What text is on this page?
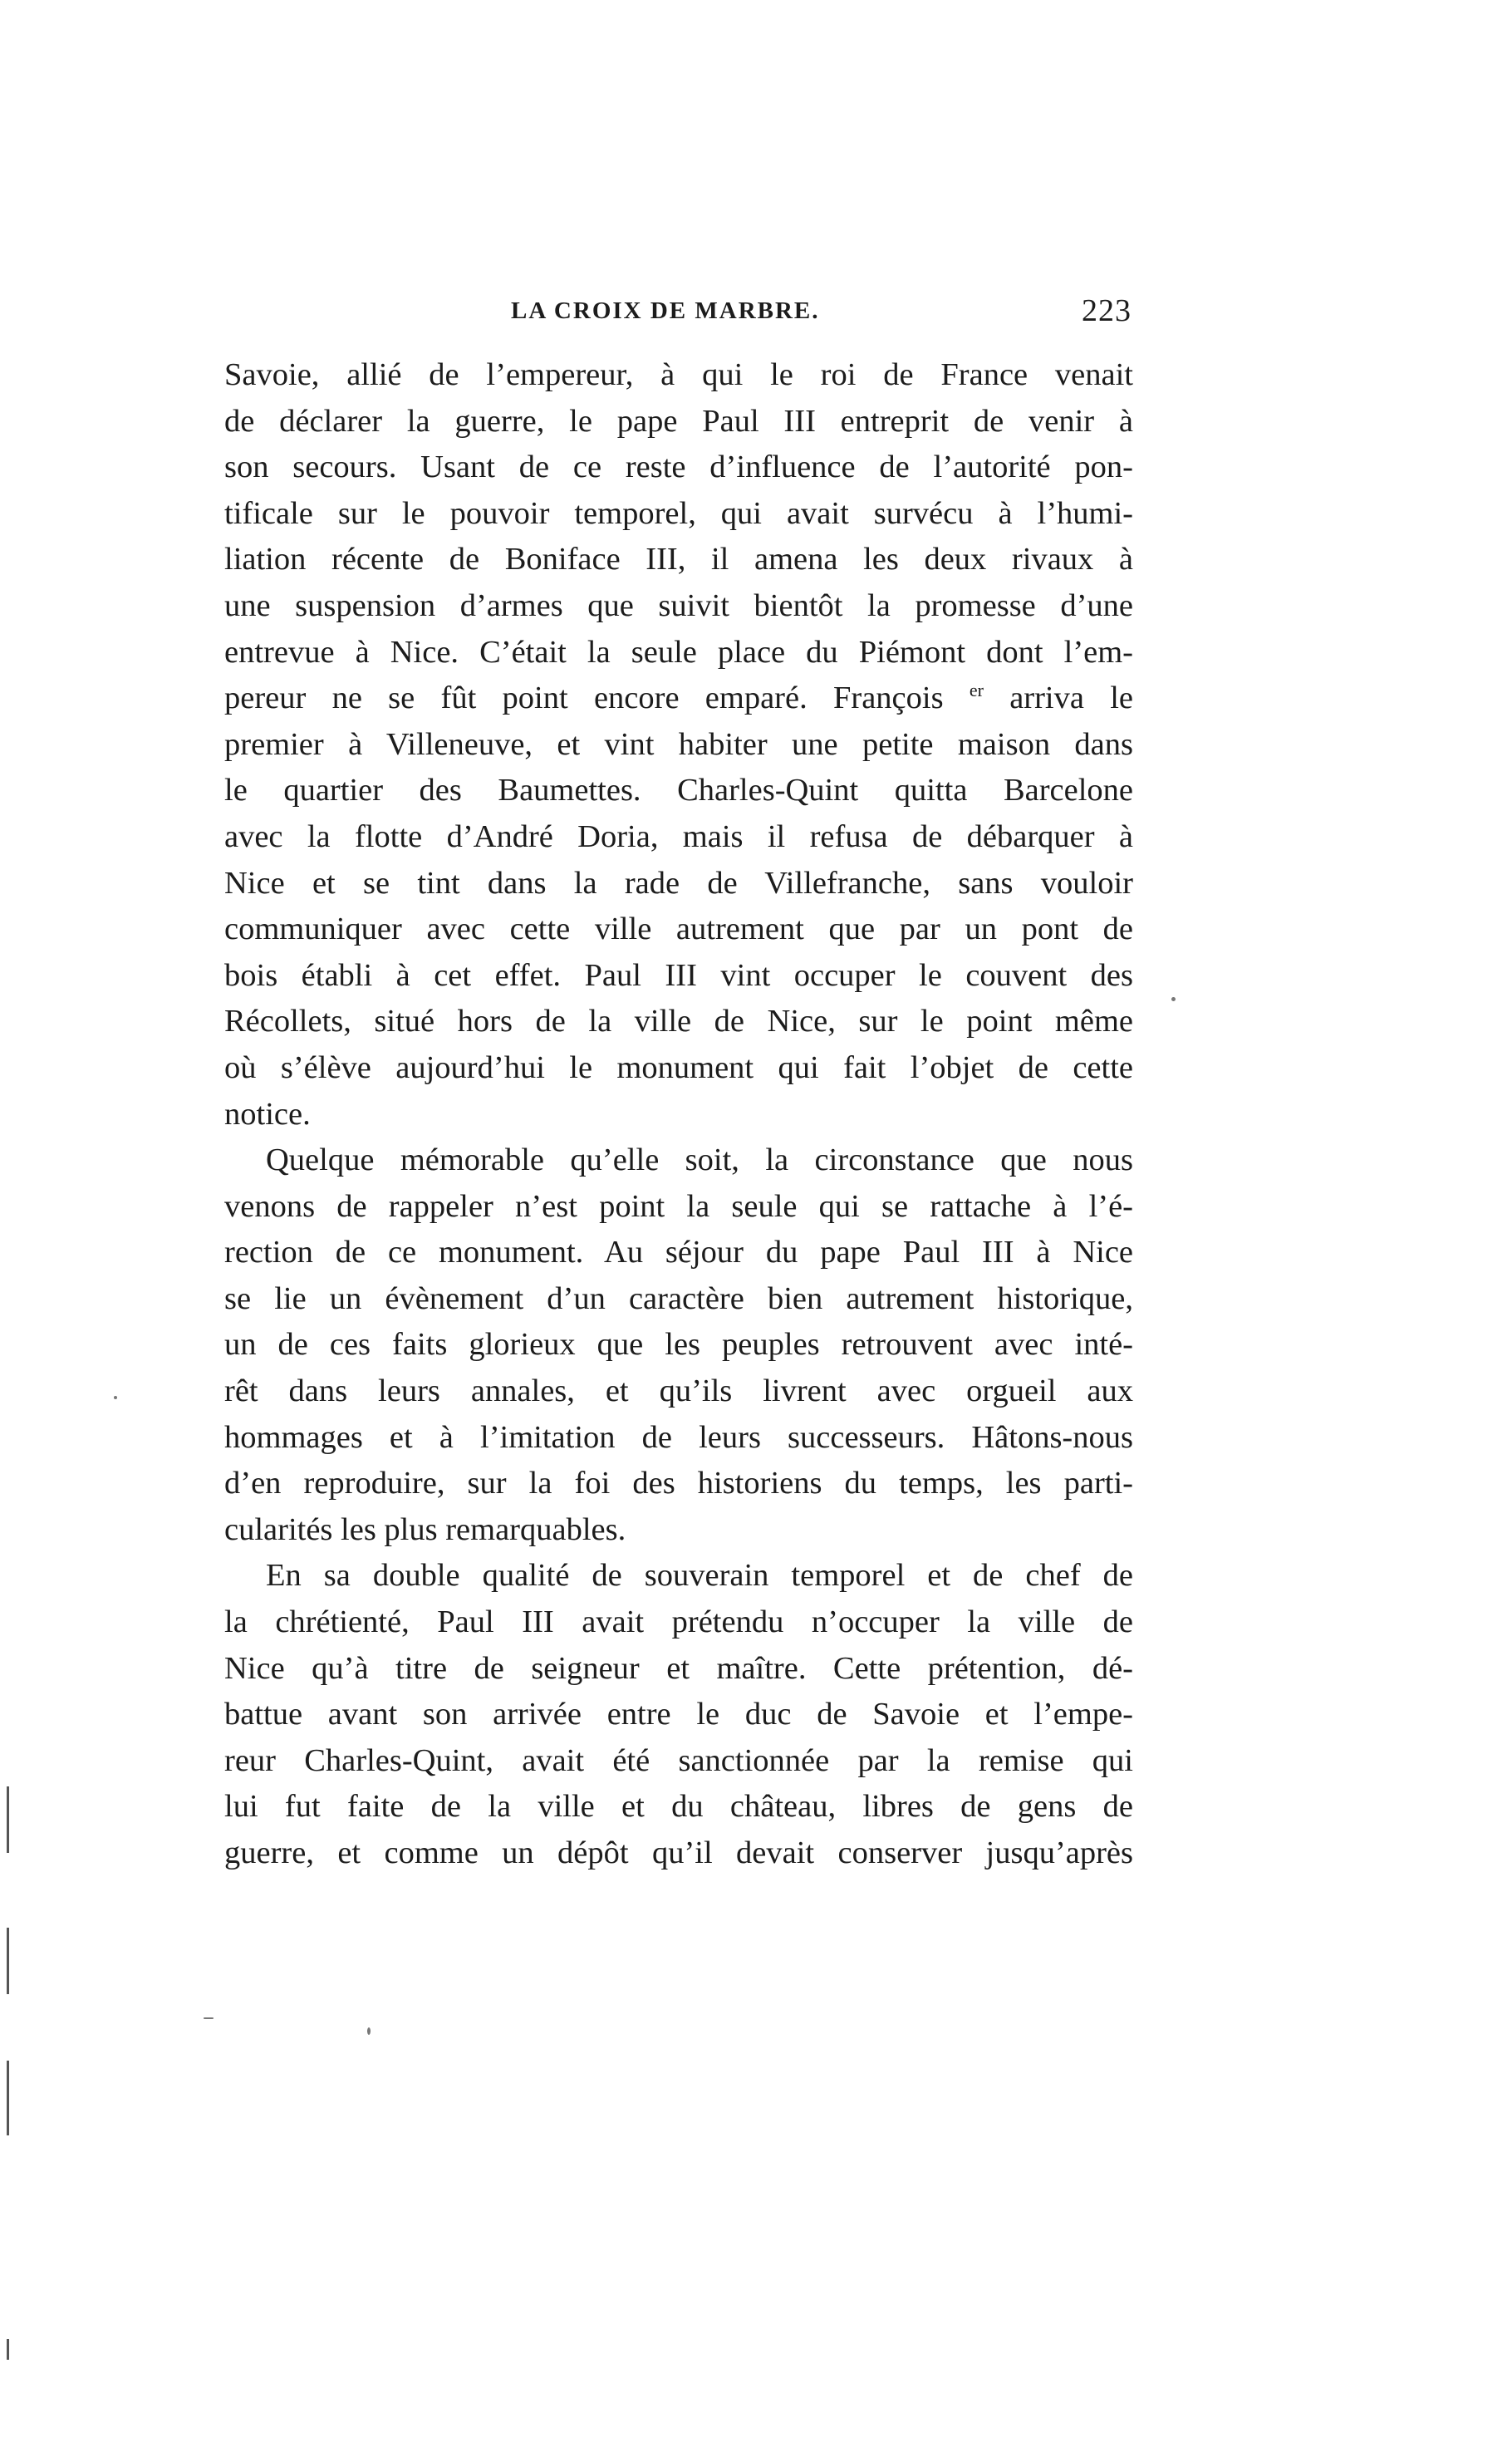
LA CROIX DE MARBRE.	223
Savoie, allié de l’empereur, à qui le roi de France venait
de déclarer la guerre, le pape Paul III entreprit de venir à
son secours. Usant de ce reste d’influence de l’autorité pon-
tificale sur le pouvoir temporel, qui avait survécu à l’humi-
liation récente de Boniface III, il amena les deux rivaux à
une suspension d’armes que suivit bientôt la promesse d’une
entrevue à Nice. C’était la seule place du Piémont dont l’em-
pereur ne se fût point encore emparé. François $^{er}$ arriva le
premier à Villeneuve, et vint habiter une petite maison dans
le quartier des Baumettes. Charles-Quint quitta Barcelone
avec la flotte d’André Doria, mais il refusa de débarquer à
Nice et se tint dans la rade de Villefranche, sans vouloir
communiquer avec cette ville autrement que par un pont de
bois établi à cet effet. Paul III vint occuper le couvent des
Récollets, situé hors de la ville de Nice, sur le point même
où s’élève aujourd’hui le monument qui fait l’objet de cette
notice.
Quelque mémorable qu’elle soit, la circonstance que nous
venons de rappeler n’est point la seule qui se rattache à l’é-
rection de ce monument. Au séjour du pape Paul III à Nice
se lie un évènement d’un caractère bien autrement historique,
un de ces faits glorieux que les peuples retrouvent avec inté-
rêt dans leurs annales, et qu’ils livrent avec orgueil aux
hommages et à l’imitation de leurs successeurs. Hâtons-nous
d’en reproduire, sur la foi des historiens du temps, les parti-
cularités les plus remarquables.
En sa double qualité de souverain temporel et de chef de
la chrétienté, Paul III avait prétendu n’occuper la ville de
Nice qu’à titre de seigneur et maître. Cette prétention, dé-
battue avant son arrivée entre le duc de Savoie et l’empe-
reur Charles-Quint, avait été sanctionnée par la remise qui
lui fut faite de la ville et du château, libres de gens de
guerre, et comme un dépôt qu’il devait conserver jusqu’après
